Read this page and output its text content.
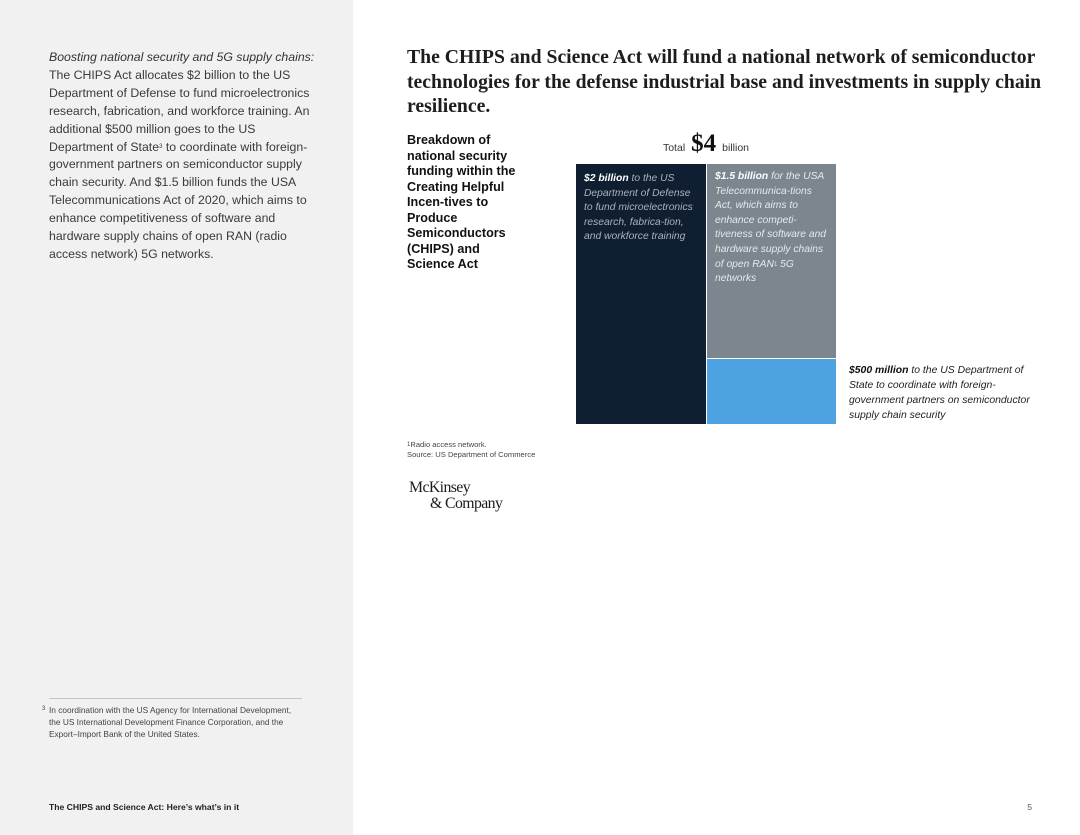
Boosting national security and 5G supply chains: The CHIPS Act allocates $2 billion to the US Department of Defense to fund microelectronics research, fabrication, and workforce training. An additional $500 million goes to the US Department of State$^3$ to coordinate with foreign-government partners on semiconductor supply chain security. And $1.5 billion funds the USA Telecommunications Act of 2020, which aims to enhance competitiveness of software and hardware supply chains of open RAN (radio access network) 5G networks.
3 In coordination with the US Agency for International Development, the US International Development Finance Corporation, and the Export–Import Bank of the United States.
The CHIPS and Science Act: Here’s what’s in it	5
The CHIPS and Science Act will fund a national network of semiconductor technologies for the defense industrial base and investments in supply chain resilience.
Breakdown of national security funding within the Creating Helpful Incen-tives to Produce Semiconductors (CHIPS) and Science Act
Total $4 billion
$2 billion to the US Department of Defense to fund microelectronics research, fabrica-tion, and workforce training
$1.5 billion for the USA Telecommunica-tions Act, which aims to enhance competi-tiveness of software and hardware supply chains of open RAN$^1$ 5G networks
$500 million to the US Department of State to coordinate with foreign-government partners on semiconductor supply chain security
$^1$Radio access network.
Source: US Department of Commerce
McKinsey
& Company
